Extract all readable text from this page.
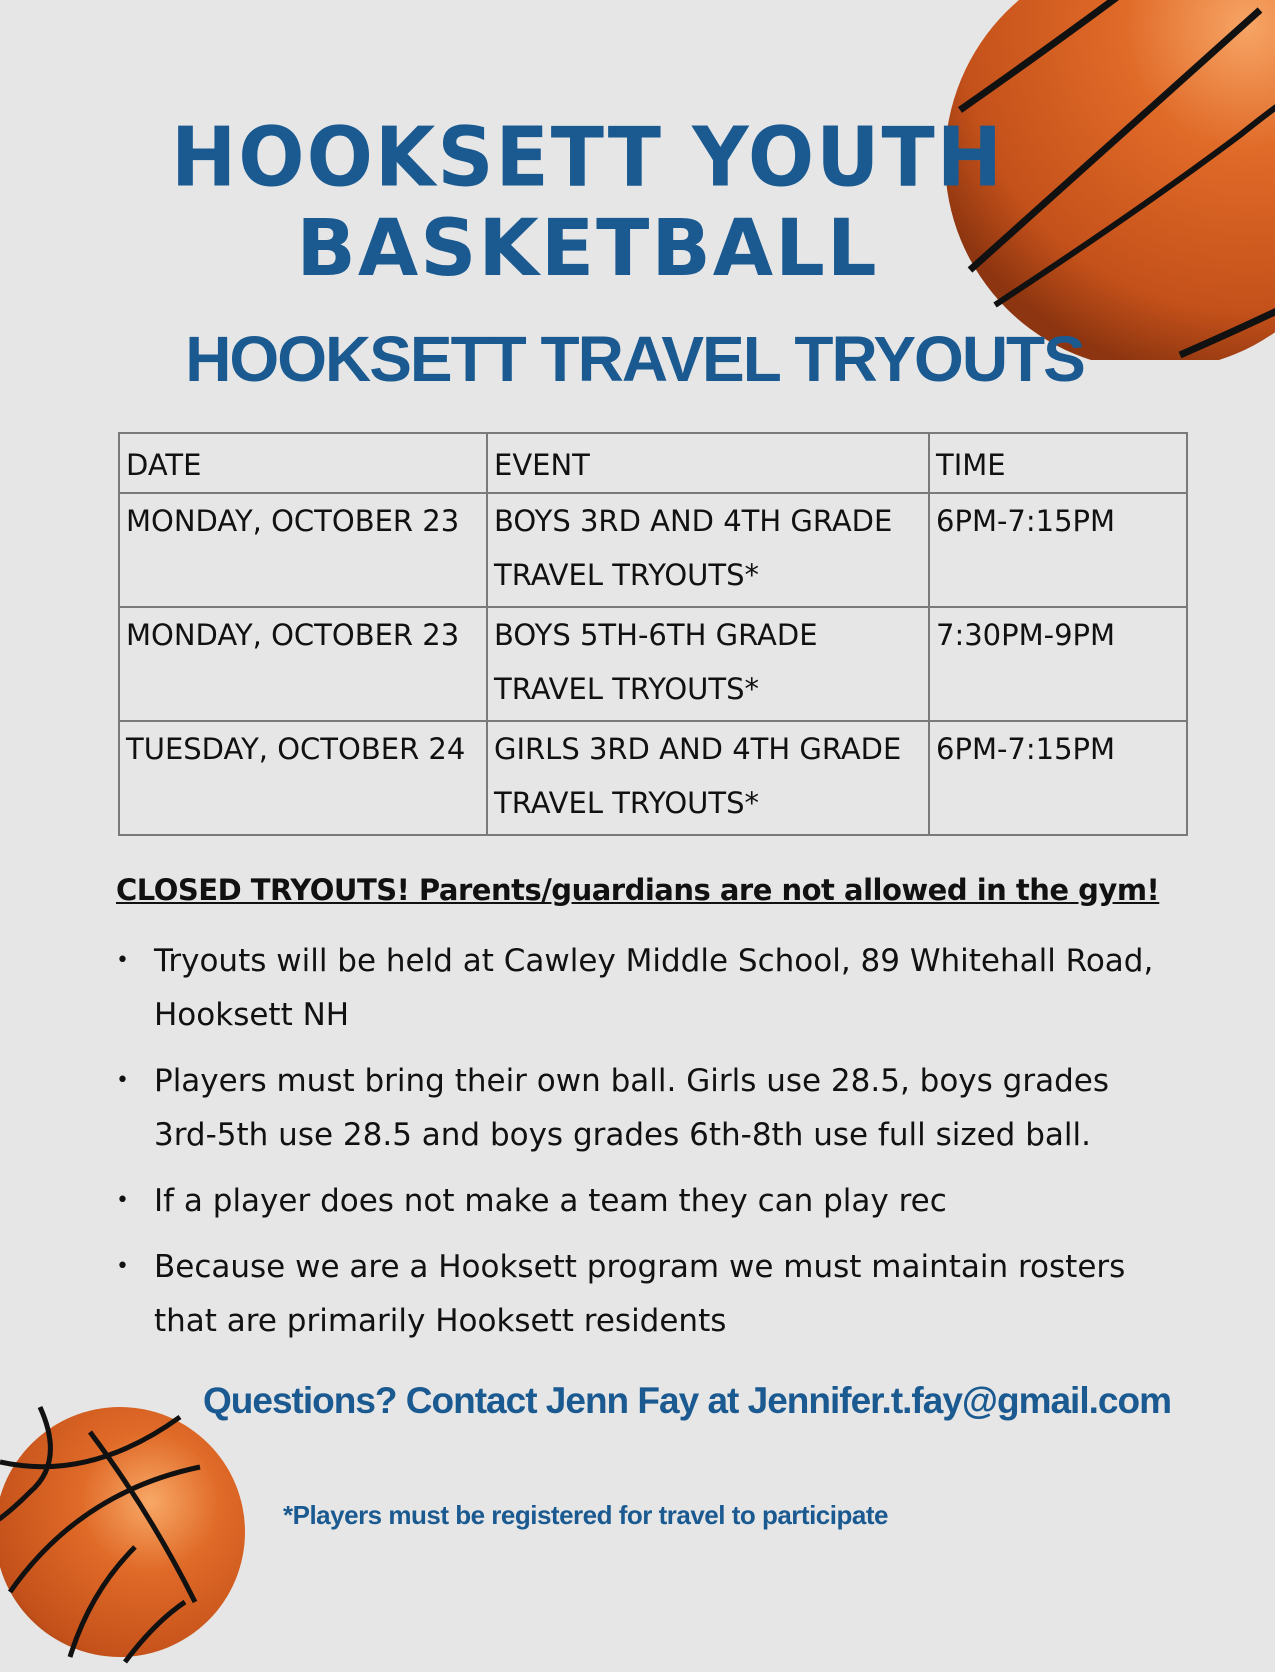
HOOKSETT YOUTH
BASKETBALL
HOOKSETT TRAVEL TRYOUTS
DATE	EVENT	TIME
MONDAY, OCTOBER 23	BOYS 3RD AND 4TH GRADE TRAVEL TRYOUTS*	6PM-7:15PM
MONDAY, OCTOBER 23	BOYS 5TH-6TH GRADE TRAVEL TRYOUTS*	7:30PM-9PM
TUESDAY, OCTOBER 24	GIRLS 3RD AND 4TH GRADE TRAVEL TRYOUTS*	6PM-7:15PM

CLOSED TRYOUTS! Parents/guardians are not allowed in the gym!

• Tryouts will be held at Cawley Middle School, 89 Whitehall Road, Hooksett NH
• Players must bring their own ball. Girls use 28.5, boys grades 3rd-5th use 28.5 and boys grades 6th-8th use full sized ball.
• If a player does not make a team they can play rec
• Because we are a Hooksett program we must maintain rosters that are primarily Hooksett residents

Questions? Contact Jenn Fay at Jennifer.t.fay@gmail.com

*Players must be registered for travel to participate
